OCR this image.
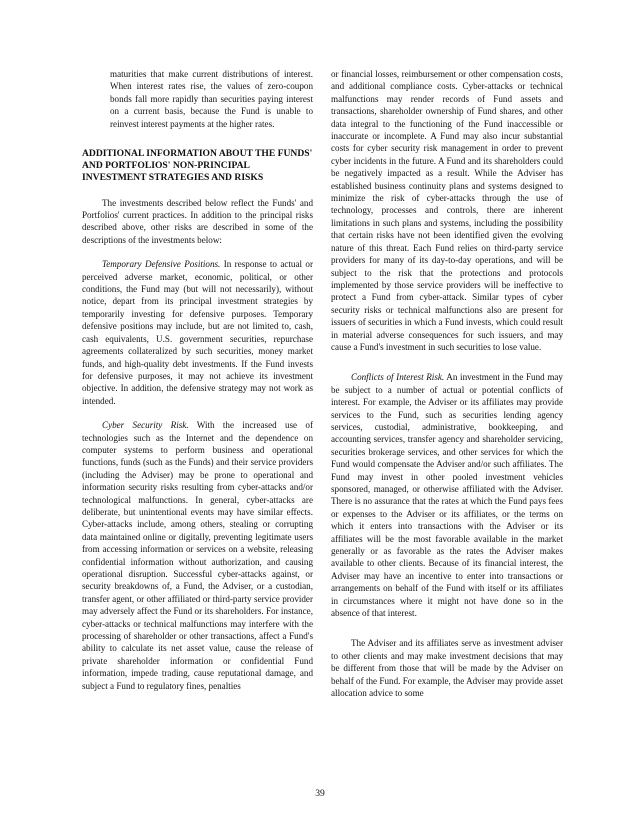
maturities that make current distributions of interest. When interest rates rise, the values of zero-coupon bonds fall more rapidly than securities paying interest on a current basis, because the Fund is unable to reinvest interest payments at the higher rates.

ADDITIONAL INFORMATION ABOUT THE FUNDS' AND PORTFOLIOS' NON-PRINCIPAL INVESTMENT STRATEGIES AND RISKS

The investments described below reflect the Funds' and Portfolios' current practices. In addition to the principal risks described above, other risks are described in some of the descriptions of the investments below:

Temporary Defensive Positions. In response to actual or perceived adverse market, economic, political, or other conditions, the Fund may (but will not necessarily), without notice, depart from its principal investment strategies by temporarily investing for defensive purposes. Temporary defensive positions may include, but are not limited to, cash, cash equivalents, U.S. government securities, repurchase agreements collateralized by such securities, money market funds, and high-quality debt investments. If the Fund invests for defensive purposes, it may not achieve its investment objective. In addition, the defensive strategy may not work as intended.

Cyber Security Risk. With the increased use of technologies such as the Internet and the dependence on computer systems to perform business and operational functions, funds (such as the Funds) and their service providers (including the Adviser) may be prone to operational and information security risks resulting from cyber-attacks and/or technological malfunctions. In general, cyber-attacks are deliberate, but unintentional events may have similar effects. Cyber-attacks include, among others, stealing or corrupting data maintained online or digitally, preventing legitimate users from accessing information or services on a website, releasing confidential information without authorization, and causing operational disruption. Successful cyber-attacks against, or security breakdowns of, a Fund, the Adviser, or a custodian, transfer agent, or other affiliated or third-party service provider may adversely affect the Fund or its shareholders. For instance, cyber-attacks or technical malfunctions may interfere with the processing of shareholder or other transactions, affect a Fund's ability to calculate its net asset value, cause the release of private shareholder information or confidential Fund information, impede trading, cause reputational damage, and subject a Fund to regulatory fines, penalties

or financial losses, reimbursement or other compensation costs, and additional compliance costs. Cyber-attacks or technical malfunctions may render records of Fund assets and transactions, shareholder ownership of Fund shares, and other data integral to the functioning of the Fund inaccessible or inaccurate or incomplete. A Fund may also incur substantial costs for cyber security risk management in order to prevent cyber incidents in the future. A Fund and its shareholders could be negatively impacted as a result. While the Adviser has established business continuity plans and systems designed to minimize the risk of cyber-attacks through the use of technology, processes and controls, there are inherent limitations in such plans and systems, including the possibility that certain risks have not been identified given the evolving nature of this threat. Each Fund relies on third-party service providers for many of its day-to-day operations, and will be subject to the risk that the protections and protocols implemented by those service providers will be ineffective to protect a Fund from cyber-attack. Similar types of cyber security risks or technical malfunctions also are present for issuers of securities in which a Fund invests, which could result in material adverse consequences for such issuers, and may cause a Fund's investment in such securities to lose value.

Conflicts of Interest Risk. An investment in the Fund may be subject to a number of actual or potential conflicts of interest. For example, the Adviser or its affiliates may provide services to the Fund, such as securities lending agency services, custodial, administrative, bookkeeping, and accounting services, transfer agency and shareholder servicing, securities brokerage services, and other services for which the Fund would compensate the Adviser and/or such affiliates. The Fund may invest in other pooled investment vehicles sponsored, managed, or otherwise affiliated with the Adviser. There is no assurance that the rates at which the Fund pays fees or expenses to the Adviser or its affiliates, or the terms on which it enters into transactions with the Adviser or its affiliates will be the most favorable available in the market generally or as favorable as the rates the Adviser makes available to other clients. Because of its financial interest, the Adviser may have an incentive to enter into transactions or arrangements on behalf of the Fund with itself or its affiliates in circumstances where it might not have done so in the absence of that interest.

The Adviser and its affiliates serve as investment adviser to other clients and may make investment decisions that may be different from those that will be made by the Adviser on behalf of the Fund. For example, the Adviser may provide asset allocation advice to some

39
